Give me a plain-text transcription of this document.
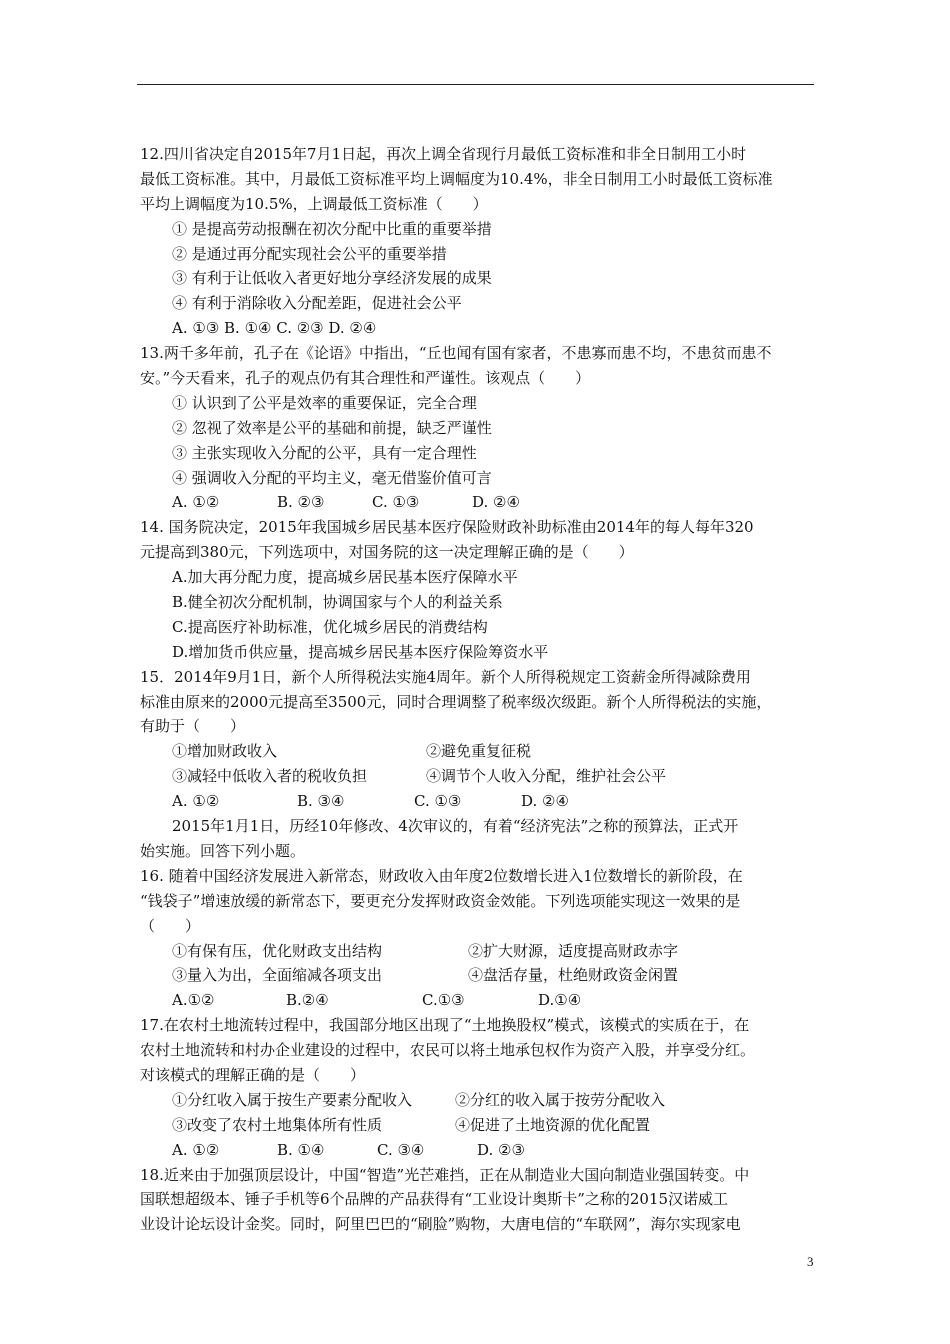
12.四川省决定自2015年7月1日起，再次上调全省现行月最低工资标准和非全日制用工小时
最低工资标准。其中，月最低工资标准平均上调幅度为10.4%，非全日制用工小时最低工资标准
平均上调幅度为10.5%，上调最低工资标准（　　）
① 是提高劳动报酬在初次分配中比重的重要举措
② 是通过再分配实现社会公平的重要举措
③ 有利于让低收入者更好地分享经济发展的成果
④ 有利于消除收入分配差距，促进社会公平
A. ①③ B. ①④ C. ②③ D. ②④
13.两千多年前，孔子在《论语》中指出，“丘也闻有国有家者，不患寡而患不均，不患贫而患不
安。”今天看来，孔子的观点仍有其合理性和严谨性。该观点（　　）
① 认识到了公平是效率的重要保证，完全合理
② 忽视了效率是公平的基础和前提，缺乏严谨性
③ 主张实现收入分配的公平，具有一定合理性
④ 强调收入分配的平均主义，毫无借鉴价值可言
A. ①②	B. ②③	C. ①③	D. ②④
14. 国务院决定，2015年我国城乡居民基本医疗保险财政补助标准由2014年的每人每年320
元提高到380元，下列选项中，对国务院的这一决定理解正确的是（　　）
A.加大再分配力度，提高城乡居民基本医疗保障水平
B.健全初次分配机制，协调国家与个人的利益关系
C.提高医疗补助标准，优化城乡居民的消费结构
D.增加货币供应量，提高城乡居民基本医疗保险筹资水平
15．2014年9月1日，新个人所得税法实施4周年。新个人所得税规定工资薪金所得减除费用
标准由原来的2000元提高至3500元，同时合理调整了税率级次级距。新个人所得税法的实施，
有助于（　　）
①增加财政收入	②避免重复征税
③减轻中低收入者的税收负担	④调节个人收入分配，维护社会公平
A. ①②	B. ③④	C. ①③	D. ②④
2015年1月1日，历经10年修改、4次审议的，有着“经济宪法”之称的预算法，正式开
始实施。回答下列小题。
16. 随着中国经济发展进入新常态，财政收入由年度2位数增长进入1位数增长的新阶段，在
“钱袋子”增速放缓的新常态下，要更充分发挥财政资金效能。下列选项能实现这一效果的是
（　　）
①有保有压，优化财政支出结构	②扩大财源，适度提高财政赤字
③量入为出，全面缩减各项支出	④盘活存量，杜绝财政资金闲置
A.①②	B.②④	C.①③	D.①④
17.在农村土地流转过程中，我国部分地区出现了“土地换股权”模式，该模式的实质在于，在
农村土地流转和村办企业建设的过程中，农民可以将土地承包权作为资产入股，并享受分红。
对该模式的理解正确的是（　　）
①分红收入属于按生产要素分配收入	②分红的收入属于按劳分配收入
③改变了农村土地集体所有性质	④促进了土地资源的优化配置
A. ①②	B. ①④	C. ③④	D. ②③
18.近来由于加强顶层设计，中国“智造”光芒难挡，正在从制造业大国向制造业强国转变。中
国联想超级本、锤子手机等6个品牌的产品获得有“工业设计奥斯卡”之称的2015汉诺威工
业设计论坛设计金奖。同时，阿里巴巴的“刷脸”购物，大唐电信的“车联网”，海尔实现家电
3
